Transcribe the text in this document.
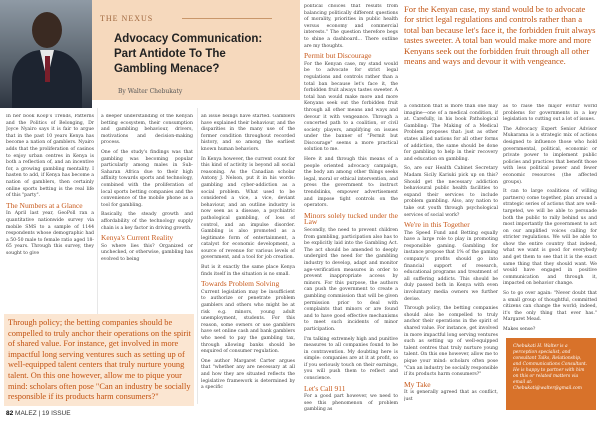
THE NEXUS
Advocacy Communication:
Part Antidote To The
Gambling Menace?
By Walter Chebukaty

In her book Koop’s Trends, Patterns and the Politics of Belonging, Dr Joyce Nyairo says it is fair to argue that in the past 10 years Kenya has become a nation of gamblers. Nyairo adds that the proliferation of casinos to enjoy urban centres in Kenya is both a reflection of, and an incentive for, a growing gambling mentality. I hasten to add, if Kenya has become a nation of gamblers, then certainly online sports betting is the real life of this "party".

The Numbers at a Glance

In April last year, GeoPoll ran a quantitative nationwide survey via mobile SMS to a sample of 1144 respondents whose demographic had a 50-50 male to female ratio aged 18-65 years. Through this survey, they sought to give

a deeper understanding of the Kenyan betting ecosystem, their consumption and gambling behaviour, drivers, motivations and decision-making process.

One of the study's findings was that gambling was becoming popular particularly among males in Sub-Saharan Africa due to their high affinity towards sports and technology, combined with the proliferation of local sports betting companies and the convenience of the mobile phone as a tool for gambling.

Basically, the steady growth and affordability of the technology supply chain is a key factor in driving growth.

Kenya's Current Reality

So where lies this? Organized or unchecked, or otherwise, gambling has evolved to being

an issue beings have started. Gamblers have explained their behaviour, and the disparities in the many use of the former condition throughout recorded history, and so among the earliest known human behaviors.

In Kenya however, the current count for this kind of activity is beyond all social reasoning. As the Canadian scholar Antony J. Nelson, put it in his words: gambling and cyber-addiction as a social problem. What used to be considered a vice, a vice, deviant behaviour, and an outline industry is now seen as a disease, a psychiatric pathological gambling, of loss of control, and an impulse disorder. Gambling is also promoted as a legitimate form of entertainment, a catalyst for economic development, a source of revenue for various levels of government, and a tool for job creation.

But is it exactly the same place Kenya finds itself in the situation is no small.

Towards Problem Solving

Current legislation may be insufficient to authorize or penetrate problem gamblers and others who might be at risk e.g. minors, young adult unemployment, students. For this reason, some owners or use gamblers have set online cash and bank gamblers who need to pay the gambling tax, through allowing banks should be enquired of consumer regulation.

One author Margaret Carter argues that "whether any are necessary at all and how they are situated reflects the legislative framework is determined by a specific

Through policy; the betting companies should be compelled to truly anchor their operations on the spirit of shared value. For instance, get involved in more impactful long serving ventures such as setting up of well-equipped talent centers that truly nurture young talent. On this one however, allow me to pique your mind: scholars often pose "Can an industry be socially responsible if its products harm consumers?"
82 MALEZ | 19 ISSUE

political choices that results from balancing politically different questions of morality, priorities in public health versus economy and commercial interests." The question therefore begs to shine a dashboard... There outline are my thoughts.

Permit but Discourage

For the Kenyan case, my stand would be to advocate for strict legal regulations and controls rather than a total ban because let's face it, the forbidden fruit always tastes sweeter. A total ban would make more and more Kenyans seek out the forbidden fruit through all other means and ways and devour it with vengeance. Through a concerted path to a coalition, or civil society players, amplifying on issues under the banner of "Permit but Discourage" seems a more practical solution to me.

Here it and through this means of a people oriented advocacy campaign, the body am among other things seeks legal, moral or ethical intervention, and press the government to: instruct trendslinks, empower advertisement and impose tight controls on the operators.

Minors solely tucked under the Law

Secondly, the need to prevent children from gambling, participation also has to be explicitly laid into the Gambling Act. The act should be amended to deeply undergird the need for the gambling industry to develop, adapt and monitor age-verification measures in order to prevent inappropriate access by minors. For this purpose, the authors can push the government to create a gambling commission that will be given permission prior to deal with complaints that minors or are found and to have good effective mechanisms to meet such incidents of minor participation.

I'm talking extremely high and punitive measures to all companies found to be in contravention. My doubting here is simple: companies are at it at profit, so if you seriously touch on their earnings, you will push them to reflect and conscience.

Let's Call 911

For a good part however, we need to see this phenomenon of problem gambling as

For the Kenyan case, my stand would be to advocate for strict legal regulations and controls rather than a total ban because let's face it, the forbidden fruit always tastes sweeter. A total ban would make more and more Kenyans seek out the forbidden fruit through all other means and ways and devour it with vengeance.

a condition that is more than one may imagine—one of a medical condition, if at. Carefully, in his book Pathological Gambling: The Making of a Medical Problem proposes that: just as other states allied nations for all other forms of addiction, the same should be done for gambling to help in their recovery and education on gambling.

So, are our Health Cabinet Secretary Madam Sicily Kariuki pick up on this? Should get the necessary addiction behavioural public health facilities to expand their services to include problem gambling. Also, any nation to take out youth through psychological services of social work?

We're in this Together

The Speed Fund and Betting equally have a large role to play in promoting responsible gaming. Gambling for instance propose that 1% of the gaming company's profits should go into financial support of research, educational programs and treatment of all suffering addicts. This should be duly passed both in Kenya with even involuntary media owners we further devise.

Through policy, the betting companies should also be compelled to truly anchor their operations in the spirit of shared value. For instance, get involved in more impactful long serving ventures such as setting up of well-equipped talent centres that truly nurture young talent. On this one however, allow me to pique your mind: scholars often pose "Can an industry be socially responsible if its products harm consumers?"

My Take

It is generally agreed that as conflict, just

as to raise the major evitur world problems for governments in a key legislation to cutting out a lot of issues.

The Advocacy Expert Senior Advisor Mukarama is a strategic mix of actions designed to influence those who hold governmental, political, economic or private power to implement public policies and practices that benefit those with less political power and fewer economic resources (the affected groups).

It can to large coalitions of willing partners) come together, plan around a strategic series of actions that are well-targeted, we will be able to persuade both the public to rally behind us and most importantly the government to act on our amplified voices calling for stricter regulations. We will be able to show the entire country that indeed, what we want is good for everybody and get them to see that it is the exact same thing that they should want. We would have engaged in positive communication and through it, impacted on behavior change.

So to go over again: "Never doubt that a small group of thoughtful, committed citizens can change the world; indeed, it's the only thing that ever has." Margaret Mead.

Makes sense?

Chebukati H. Walter is a perception specialist, and consultant Talks, Relationship, and Communications Consultant. He is happy to partner with him on this or related matters via email at: Chebukati@walter@gmail.com
